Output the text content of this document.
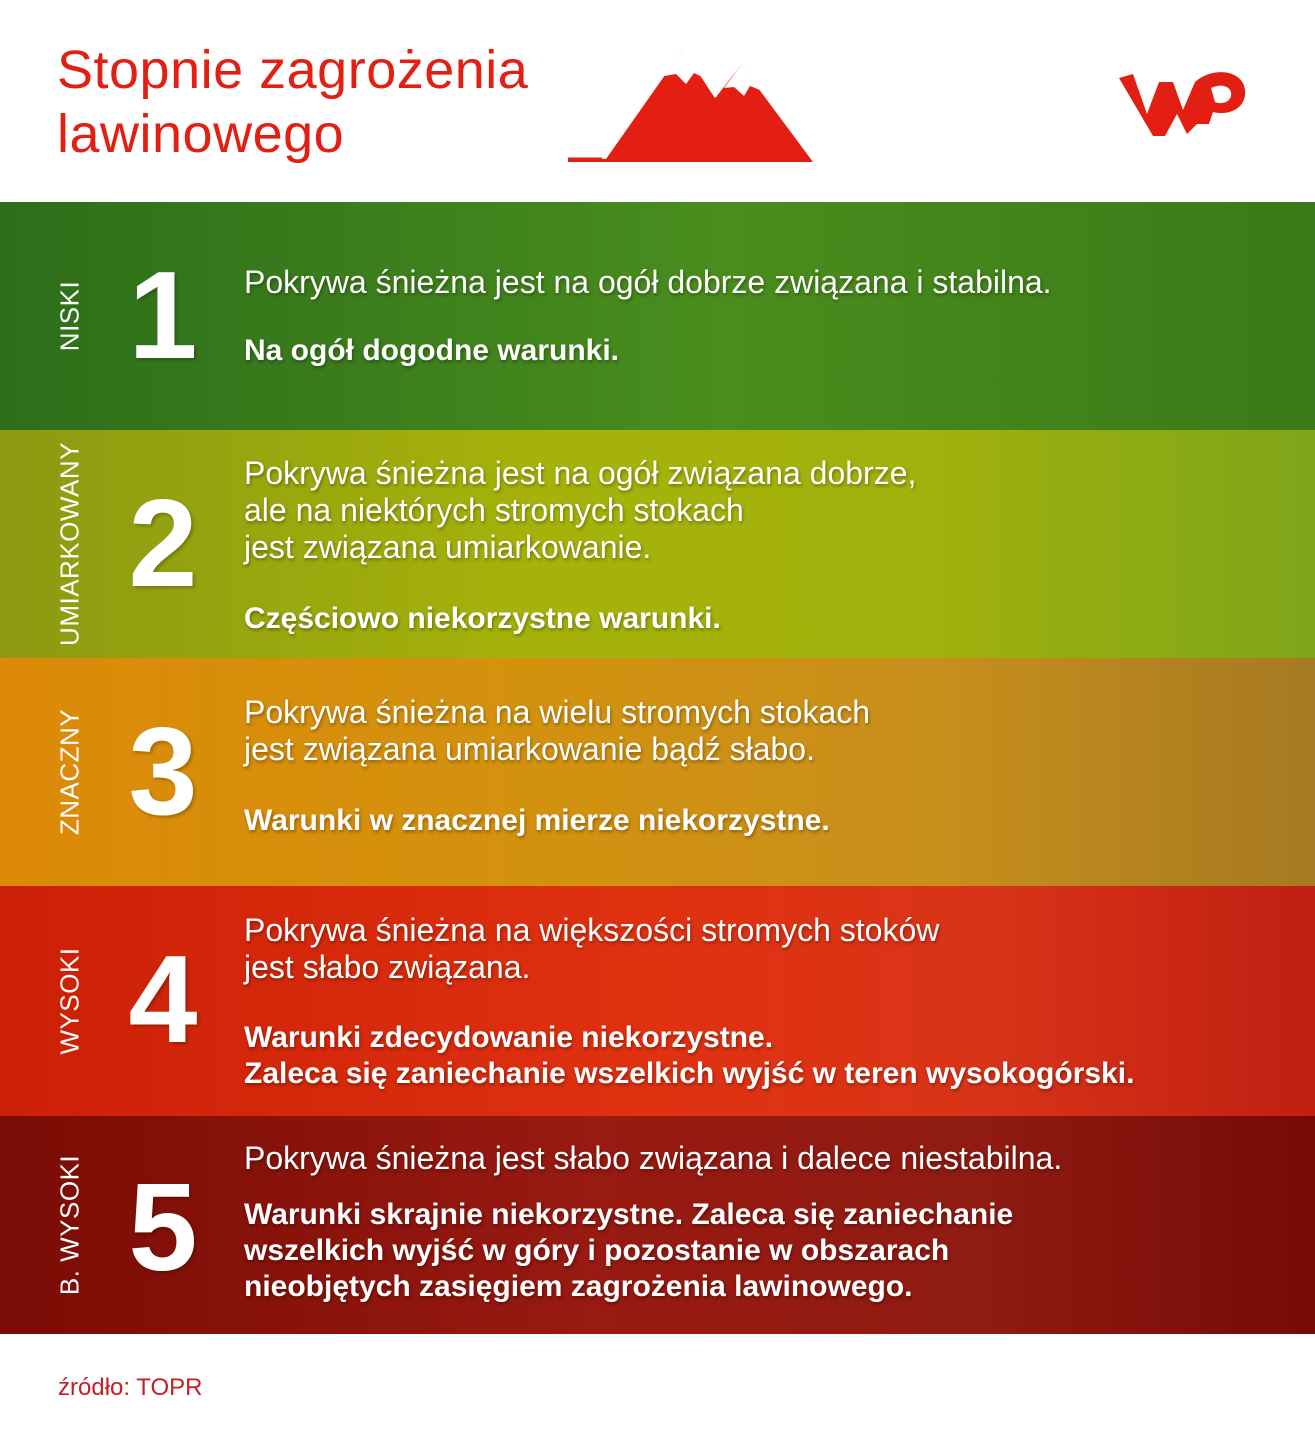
Stopnie zagrożenia
lawinowego
NISKI 1 Pokrywa śnieżna jest na ogół dobrze związana i stabilna.

Na ogół dogodne warunki.

UMIARKOWANY 2

Pokrywa śnieżna jest na ogół związana dobrze,
ale na niektórych stromych stokach
jest związana umiarkowanie.

Częściowo niekorzystne warunki.

ZNACZNY 3 Pokrywa śnieżna na wielu stromych stokach
jest związana umiarkowanie bądź słabo.

Warunki w znacznej mierze niekorzystne.

WYSOKI 4

Pokrywa śnieżna na większości stromych stoków
jest słabo związana.

Warunki zdecydowanie niekorzystne.
Zaleca się zaniechanie wszelkich wyjść w teren wysokogórski.

B. WYSOKI 5

Pokrywa śnieżna jest słabo związana i dalece niestabilna.

Warunki skrajnie niekorzystne. Zaleca się zaniechanie
wszelkich wyjść w góry i pozostanie w obszarach
nieobjętych zasięgiem zagrożenia lawinowego.

źródło: TOPR
